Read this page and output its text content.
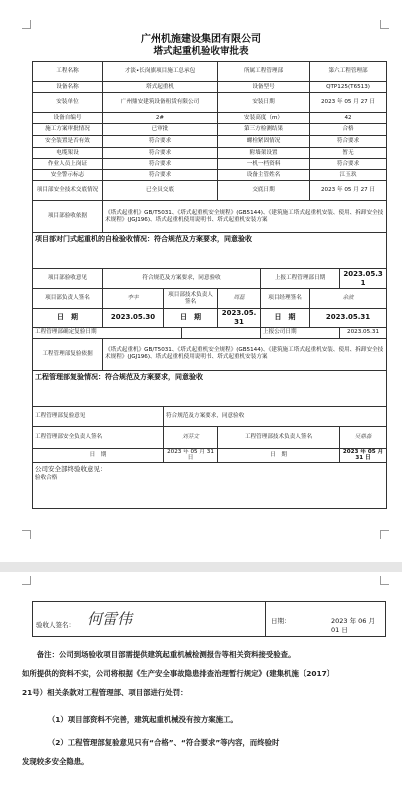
广州机施建设集团有限公司
塔式起重机验收审批表
工程名称	才淡•长岗旗项目施工总承包			所属工程管理部		第六工程管理部	
设备名称	塔式起重机			设备型号		QTP125(T6513)	
安装单位	广州鼎安建筑设备租赁有限公司			安装日期		2023 年 05 月 27 日	
设备自编号	2#			安装高度（m）		42	
施工方案审批情况	已审批			第三方检测结果		合格	
安全装置是否有效	符合要求			螺栓紧固情况		符合要求	
电缆架设	符合要求			附墙架设置		暂无	
作业人员上岗证	符合要求			一机一档资料		符合要求	
安全警示标志	符合要求			设备主管姓名		江玉玖	
项目部安全技术交底情况	已全员交底			交底日期		2023 年 05 月 27 日	
项目部验收依据	《塔式起重机》GB/T5031、《塔式起重机安全规程》(GB5144)、《建筑施工塔式起重机安装、使用、拆卸安全技术规程》(JGJ196)、塔式起重机使用说明书、塔式起重机安装方案						
项目部对门式起重机的自检验收情况：符合规范及方案要求，同意验收							
项目部验收意见	符合规范及方案要求，同意验收				上报工程管理部日期		2023.05.31
项目部负责人签名	李丰	项目部技术负责人签名		周磊	项目经理签名	余波	
日　期	2023.05.30	日　期		2023.05.31	日　期	2023.05.31	
工程管理部确定复验日期					上报公司日期		2023.05.31
工程管理部复验依据	《塔式起重机》GB/T5031、《塔式起重机安全规程》(GB5144)、《建筑施工塔式起重机安装、使用、拆卸安全技术规程》(JGJ196)、塔式起重机使用说明书、塔式起重机安装方案						
工程管理部复验情况：符合规范及方案要求，同意验收							
工程管理部复验意见		符合规范及方案要求，同意验收					
工程管理部安全负责人签名		刘芬文		工程管理部技术负责人签名			吴鼎淼
日　期		2023 年 05 月 31 日		日　期			2023 年 05 月 31 日

公司安全部终验收意见：
验收合格							
验收人签名： 何雷伟	日期：	2023 年 06 月 01 日
　　备注：公司到场验收项目部需提供建筑起重机械检测报告等相关资料接受验查。
如所提供的资料不实，公司将根据《生产安全事故隐患排查治理暂行规定》(建集机施〔2017〕
21号）相关条款对工程管理部、项目部进行处罚：
　　　　（1）项目部资料不完善，建筑起重机械没有按方案施工。
　　　　（2）工程管理部复验意见只有“合格”、“符合要求”等内容，而终验时
发现较多安全隐患。
